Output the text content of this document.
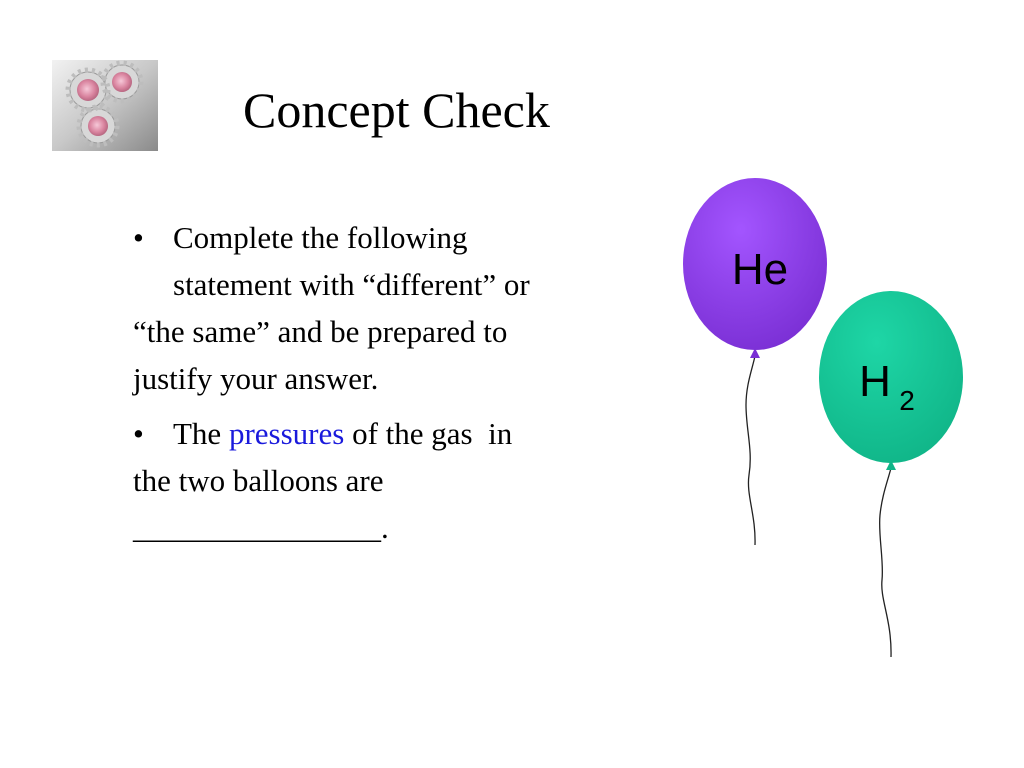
Concept Check

• Complete the following
statement with “different” or
“the same” and be prepared to
justify your answer.

• The pressures of the gas in
the two balloons are
________________.

He
H 2
